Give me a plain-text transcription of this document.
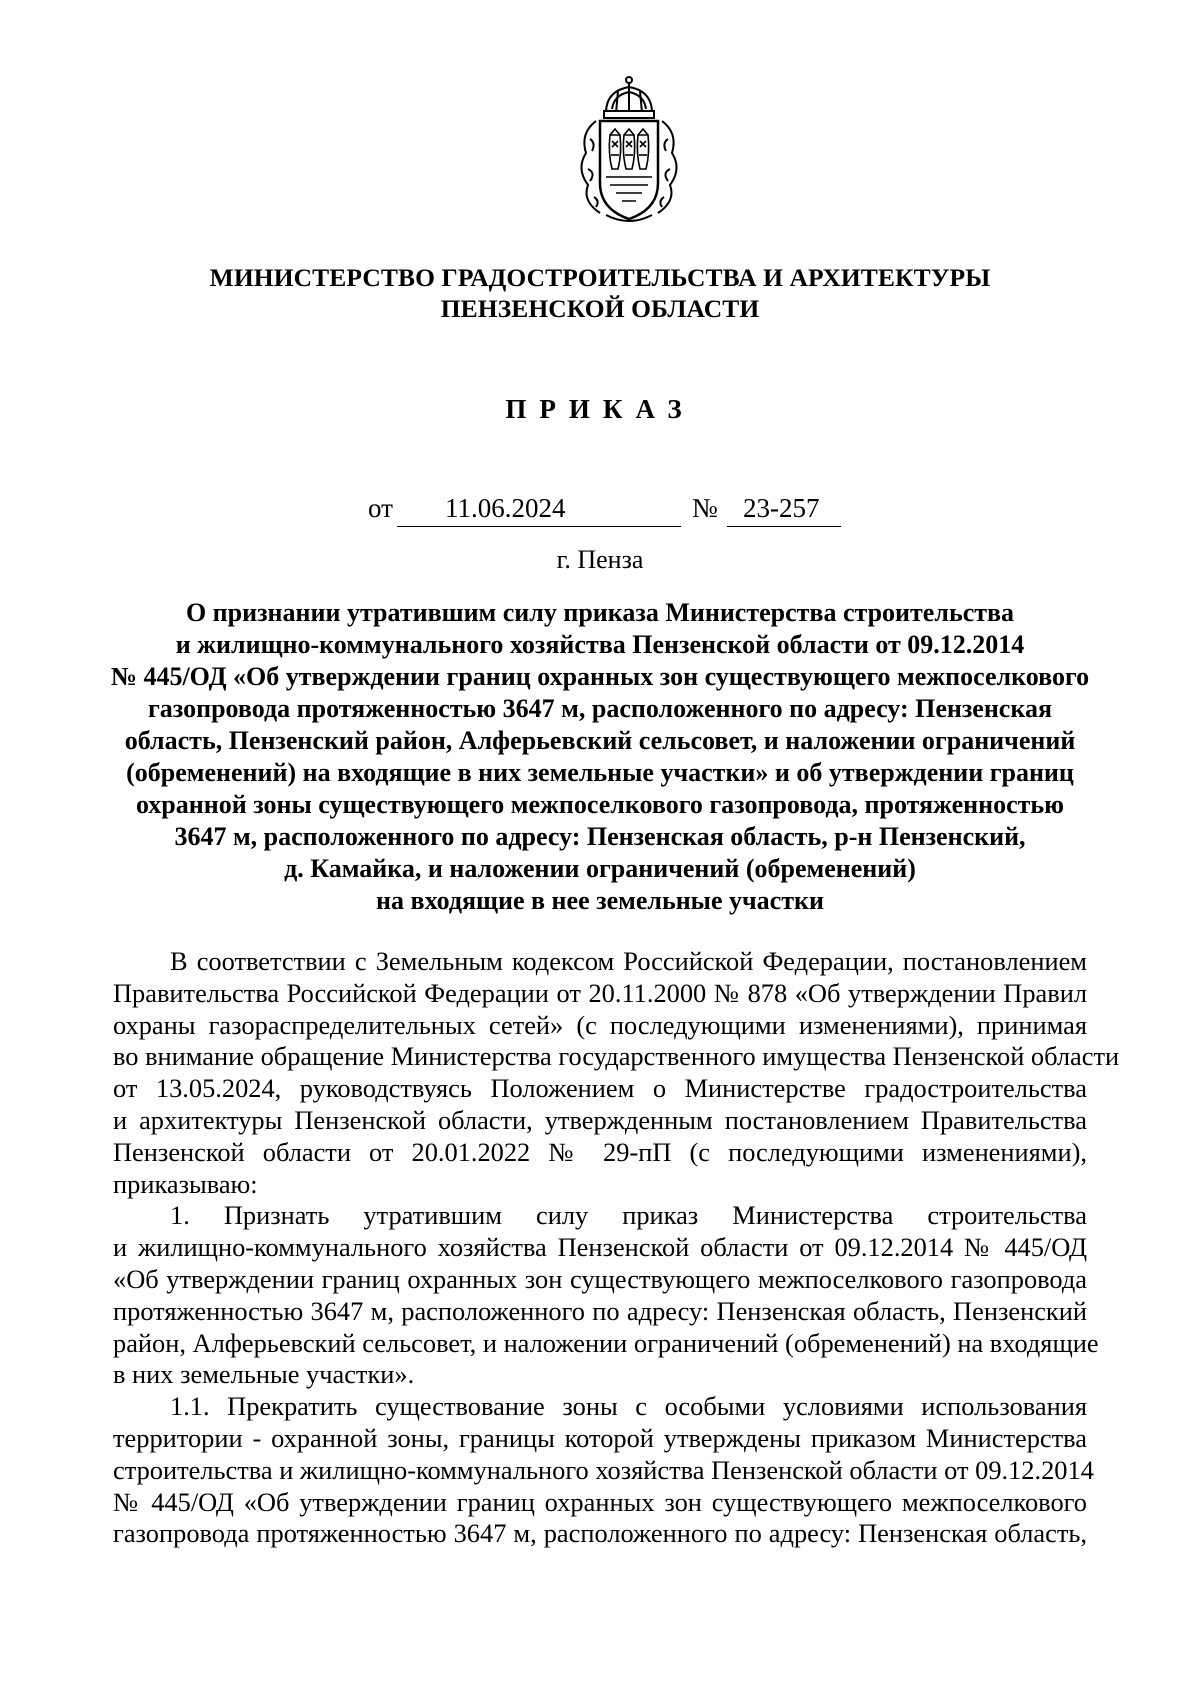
МИНИСТЕРСТВО ГРАДОСТРОИТЕЛЬСТВА И АРХИТЕКТУРЫ
ПЕНЗЕНСКОЙ ОБЛАСТИ
ПРИКАЗ
от 11.06.2024	№ 23-257
г. Пенза
О признании утратившим силу приказа Министерства строительства
и жилищно-коммунального хозяйства Пензенской области от 09.12.2014
№ 445/ОД «Об утверждении границ охранных зон существующего межпоселкового
газопровода протяженностью 3647 м, расположенного по адресу: Пензенская
область, Пензенский район, Алферьевский сельсовет, и наложении ограничений
(обременений) на входящие в них земельные участки» и об утверждении границ
охранной зоны существующего межпоселкового газопровода, протяженностью
3647 м, расположенного по адресу: Пензенская область, р-н Пензенский,
д. Камайка, и наложении ограничений (обременений)
на входящие в нее земельные участки
В соответствии с Земельным кодексом Российской Федерации, постановлением
Правительства Российской Федерации от 20.11.2000 № 878 «Об утверждении Правил
охраны газораспределительных сетей» (с последующими изменениями), принимая
во внимание обращение Министерства государственного имущества Пензенской области
от 13.05.2024, руководствуясь Положением о Министерстве градостроительства
и архитектуры Пензенской области, утвержденным постановлением Правительства
Пензенской области от 20.01.2022 № 29-пП (с последующими изменениями),
приказываю:
1. Признать утратившим силу приказ Министерства строительства
и жилищно-коммунального хозяйства Пензенской области от 09.12.2014 № 445/ОД
«Об утверждении границ охранных зон существующего межпоселкового газопровода
протяженностью 3647 м, расположенного по адресу: Пензенская область, Пензенский
район, Алферьевский сельсовет, и наложении ограничений (обременений) на входящие
в них земельные участки».
1.1. Прекратить существование зоны с особыми условиями использования
территории - охранной зоны, границы которой утверждены приказом Министерства
строительства и жилищно-коммунального хозяйства Пензенской области от 09.12.2014
№ 445/ОД «Об утверждении границ охранных зон существующего межпоселкового
газопровода протяженностью 3647 м, расположенного по адресу: Пензенская область,
